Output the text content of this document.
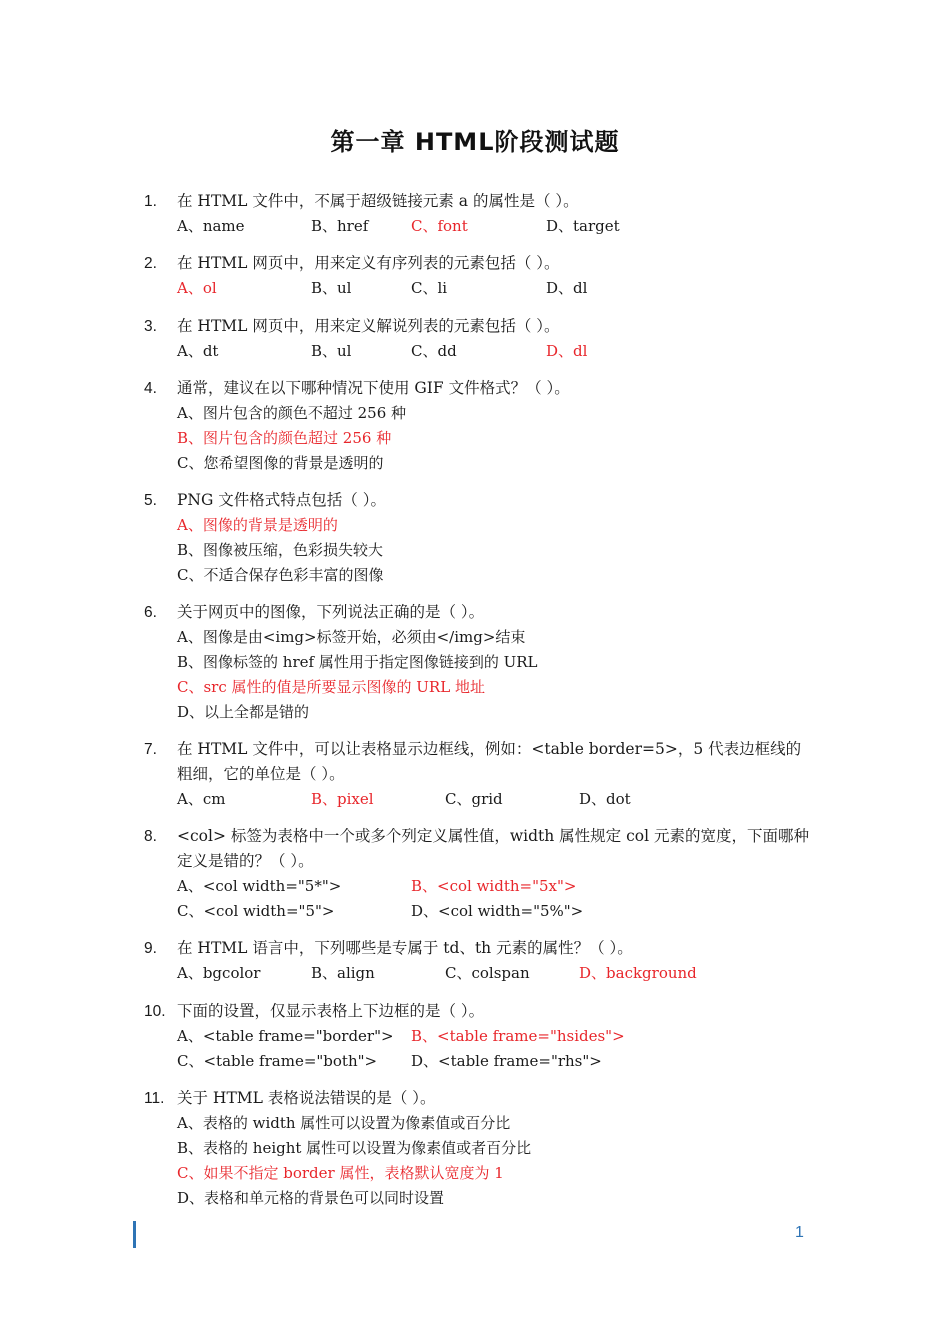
第一章 HTML阶段测试题
1. 在 HTML 文件中，不属于超级链接元素 a 的属性是（ ）。
A、name	B、href	C、font	D、target
2. 在 HTML 网页中，用来定义有序列表的元素包括（ ）。
A、ol	B、ul	C、li	D、dl
3. 在 HTML 网页中，用来定义解说列表的元素包括（ ）。
A、dt	B、ul	C、dd	D、dl
4. 通常，建议在以下哪种情况下使用 GIF 文件格式？（ ）。
A、图片包含的颜色不超过 256 种
B、图片包含的颜色超过 256 种
C、您希望图像的背景是透明的
5. PNG 文件格式特点包括（ ）。
A、图像的背景是透明的
B、图像被压缩，色彩损失较大
C、不适合保存色彩丰富的图像
6. 关于网页中的图像，下列说法正确的是（ ）。
A、图像是由<img>标签开始，必须由</img>结束
B、图像标签的 href 属性用于指定图像链接到的 URL
C、src 属性的值是所要显示图像的 URL 地址
D、以上全都是错的
7. 在 HTML 文件中，可以让表格显示边框线，例如：<table border=5>，5 代表边框线的粗细，它的单位是（ ）。
A、cm	B、pixel	C、grid	D、dot
8. <col> 标签为表格中一个或多个列定义属性值，width 属性规定 col 元素的宽度，下面哪种定义是错的？（ ）。
A、<col width="5*">	B、<col width="5x">
C、<col width="5">	D、<col width="5%">
9. 在 HTML 语言中，下列哪些是专属于 td、th 元素的属性？（ ）。
A、bgcolor	B、align	C、colspan	D、background
10. 下面的设置，仅显示表格上下边框的是（ ）。
A、<table frame="border"> B、<table frame="hsides">
C、<table frame="both"> D、<table frame="rhs">
11. 关于 HTML 表格说法错误的是（ ）。
A、表格的 width 属性可以设置为像素值或百分比
B、表格的 height 属性可以设置为像素值或者百分比
C、如果不指定 border 属性，表格默认宽度为 1
D、表格和单元格的背景色可以同时设置
1
